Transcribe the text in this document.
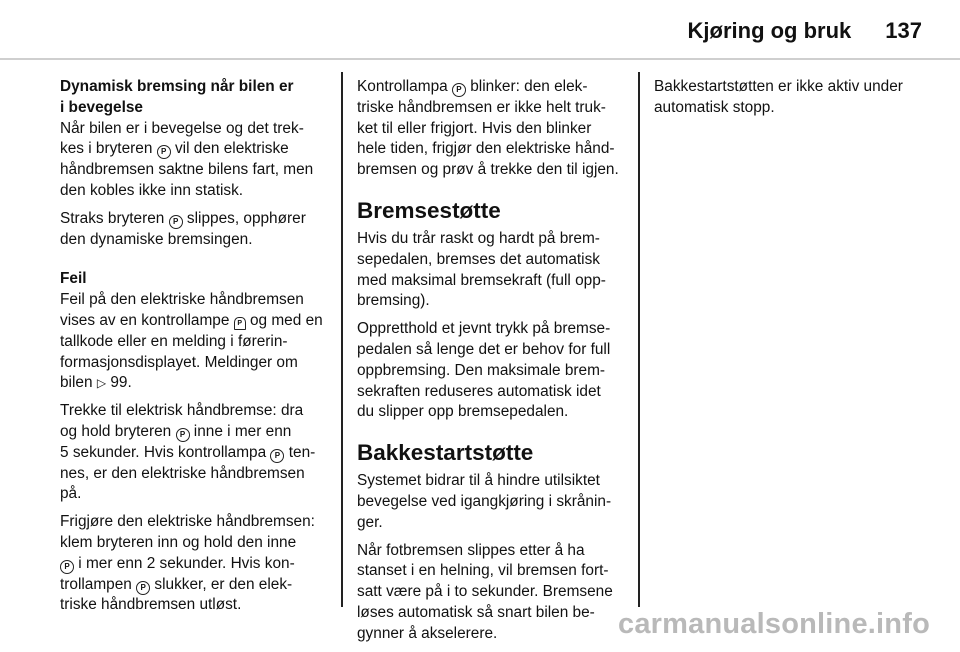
Kjøring og bruk 137
Dynamisk bremsing når bilen er
i bevegelse
Når bilen er i bevegelse og det trek-
kes i bryteren P vil den elektriske
håndbremsen saktne bilens fart, men
den kobles ikke inn statisk.
Straks bryteren P slippes, opphører
den dynamiske bremsingen.
Feil
Feil på den elektriske håndbremsen
vises av en kontrollampe P og med en
tallkode eller en melding i førerin-
formasjonsdisplayet. Meldinger om
bilen ▷ 99.
Trekke til elektrisk håndbremse: dra
og hold bryteren P inne i mer enn
5 sekunder. Hvis kontrollampa P ten-
nes, er den elektriske håndbremsen
på.
Frigjøre den elektriske håndbremsen:
klem bryteren inn og hold den inne
P i mer enn 2 sekunder. Hvis kon-
trollampen P slukker, er den elek-
triske håndbremsen utløst.
Kontrollampa P blinker: den elek-
triske håndbremsen er ikke helt truk-
ket til eller frigjort. Hvis den blinker
hele tiden, frigjør den elektriske hånd-
bremsen og prøv å trekke den til igjen.
Bremsestøtte
Hvis du trår raskt og hardt på brem-
sepedalen, bremses det automatisk
med maksimal bremsekraft (full opp-
bremsing).
Oppretthold et jevnt trykk på bremse-
pedalen så lenge det er behov for full
oppbremsing. Den maksimale brem-
sekraften reduseres automatisk idet
du slipper opp bremsepedalen.
Bakkestartstøtte
Systemet bidrar til å hindre utilsiktet
bevegelse ved igangkjøring i skrånin-
ger.
Når fotbremsen slippes etter å ha
stanset i en helning, vil bremsen fort-
satt være på i to sekunder. Bremsene
løses automatisk så snart bilen be-
gynner å akselerere.
Bakkestartstøtten er ikke aktiv under
automatisk stopp.
carmanualsonline.info
